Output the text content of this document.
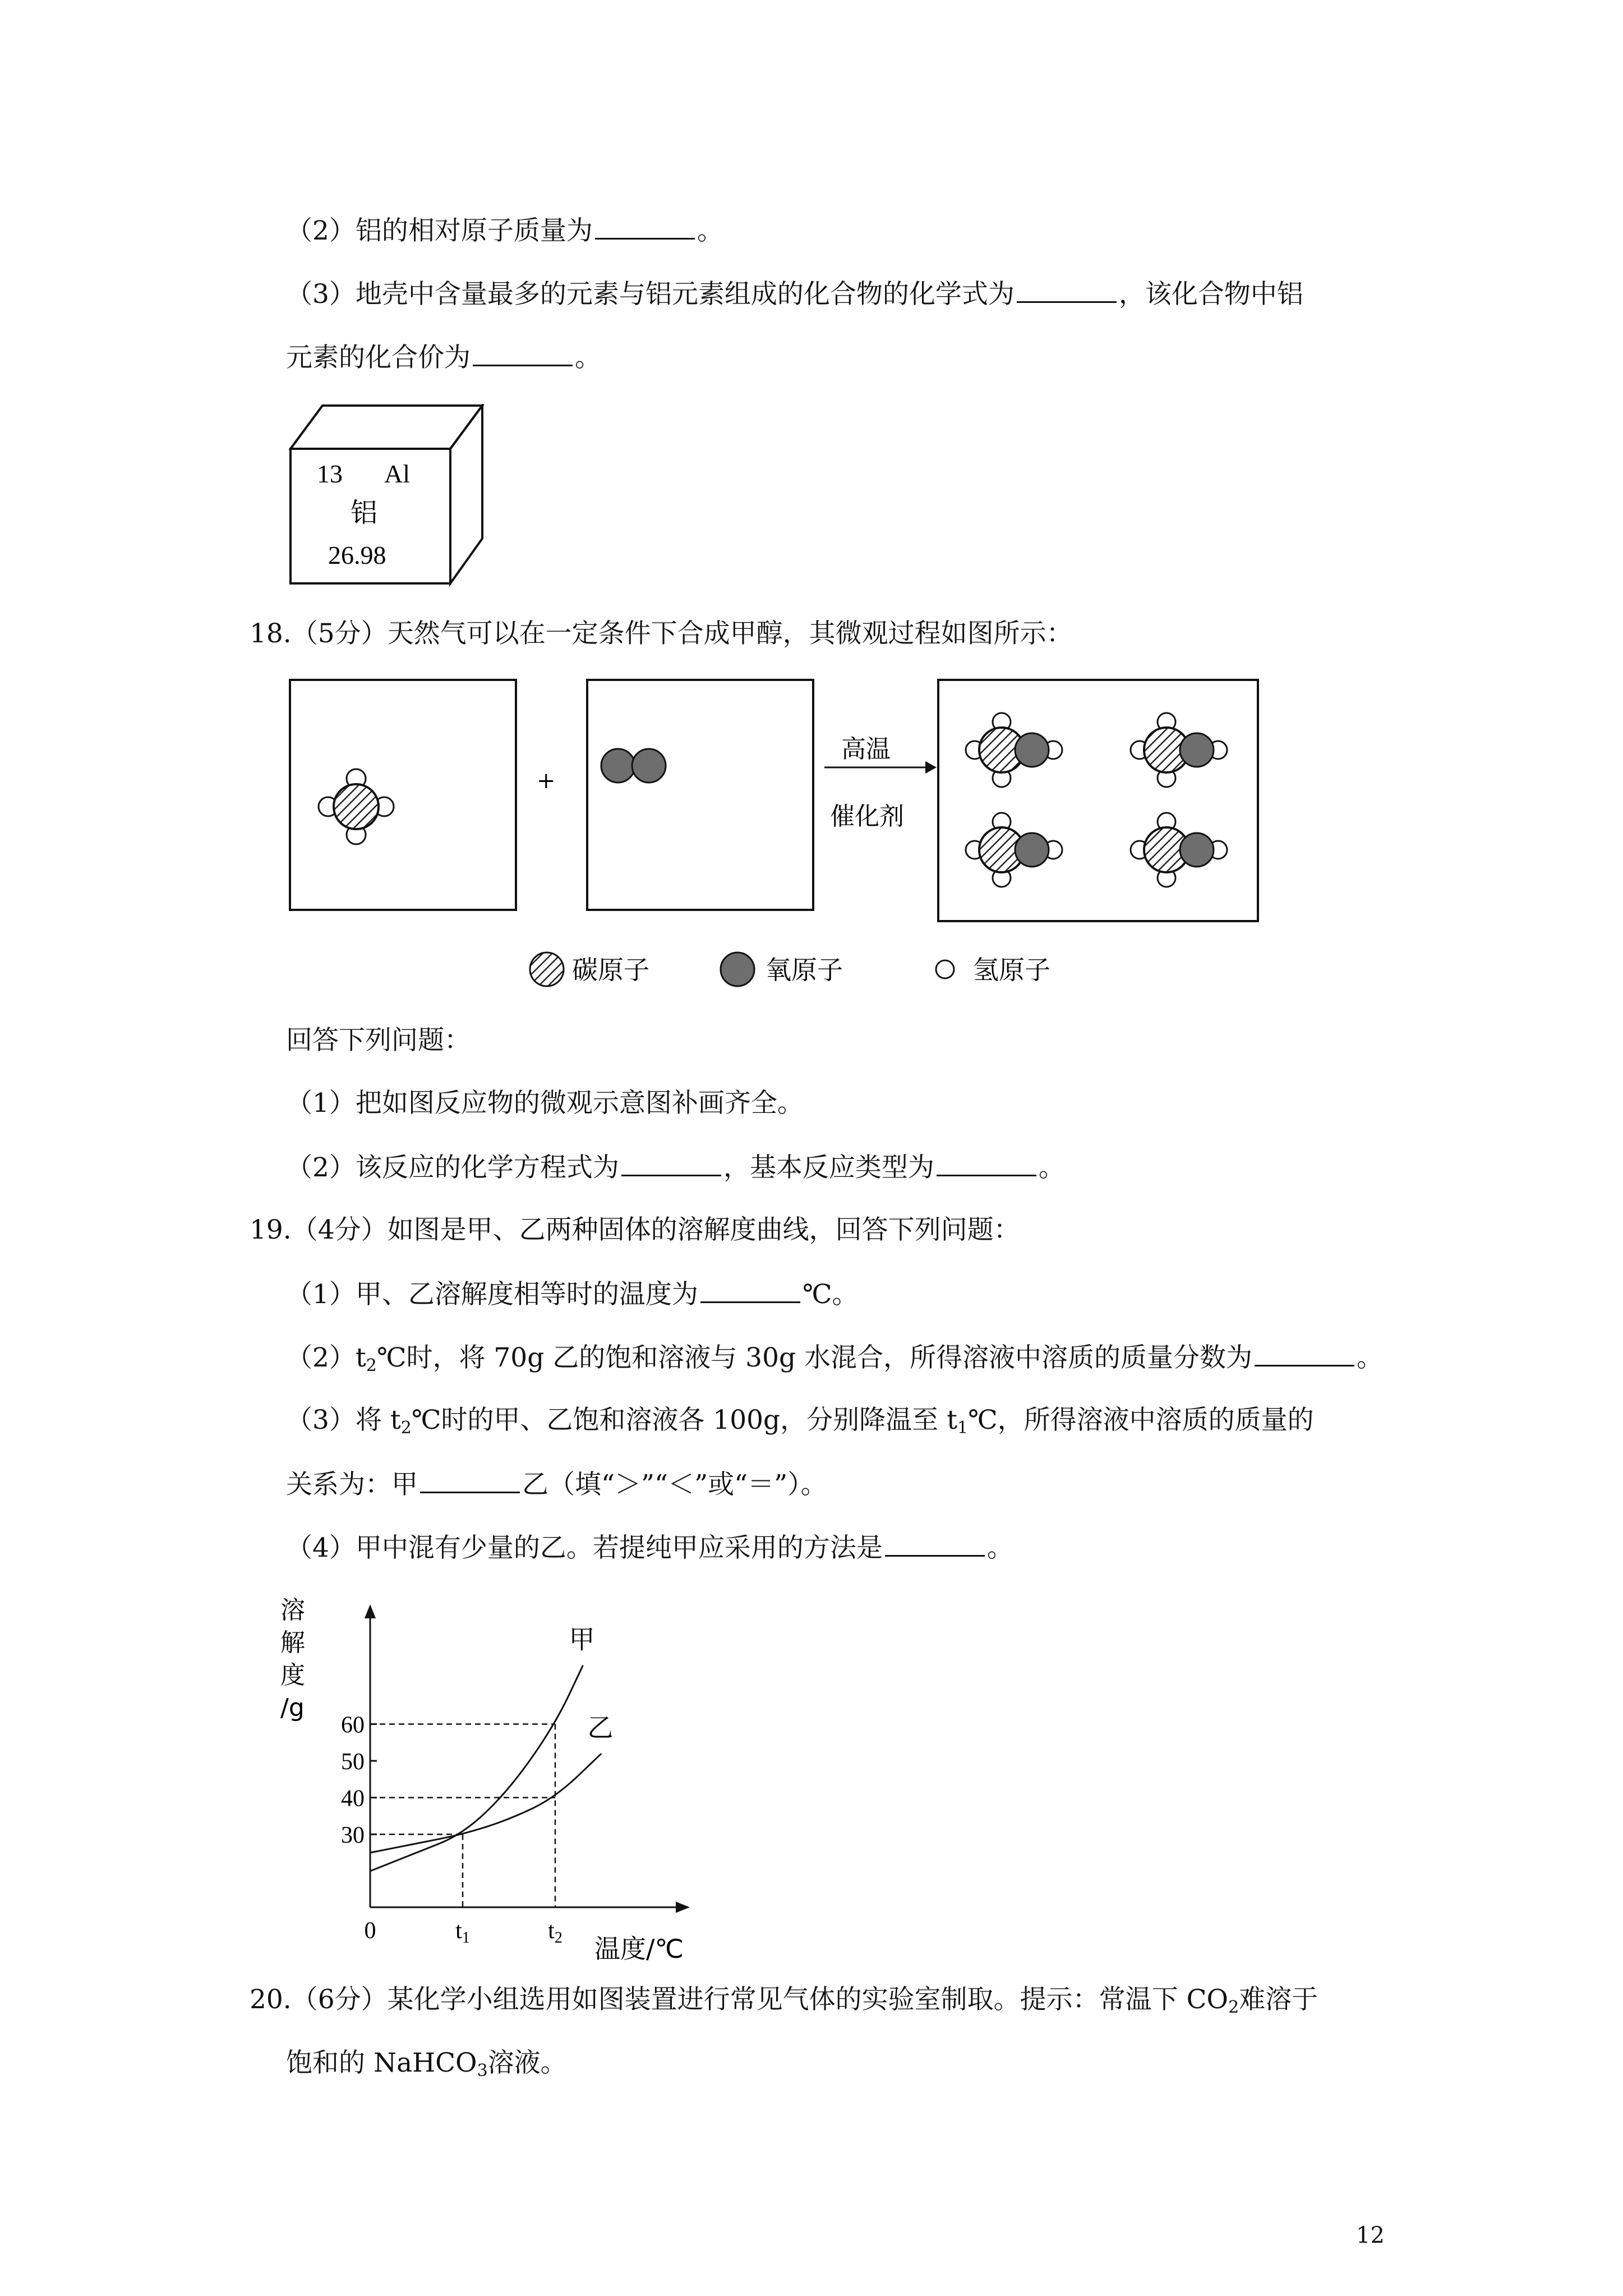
（2）铝的相对原子质量为	。
（3）地壳中含量最多的元素与铝元素组成的化合物的化学式为	，该化合物中铝
元素的化合价为	。
13 Al
铝
26.98
18.（5分）天然气可以在一定条件下合成甲醇，其微观过程如图所示：
+
高温
催化剂
碳原子	氧原子	氢原子
回答下列问题：
（1）把如图反应物的微观示意图补画齐全。
（2）该反应的化学方程式为	，基本反应类型为	。
19.（4分）如图是甲、乙两种固体的溶解度曲线，回答下列问题：
（1）甲、乙溶解度相等时的温度为	℃。
$(2)t_2℃$时，将 70g 乙的饱和溶液与 30g 水混合，所得溶液中溶质的质量分数为	。
（3）将 $t_2℃$时的甲、乙饱和溶液各 100g，分别降温至 $t_1℃$，所得溶液中溶质的质量的
关系为：甲	乙（填“＞”“＜”或“＝”）。
（4）甲中混有少量的乙。若提纯甲应采用的方法是	。
溶
解
度
/g
30
40
50
60
0	t1	t2
甲
乙
温度/℃
20.（6分）某化学小组选用如图装置进行常见气体的实验室制取。提示：常温下 $CO_2$难溶于
饱和的 NaHCO$_3$溶液。
12
